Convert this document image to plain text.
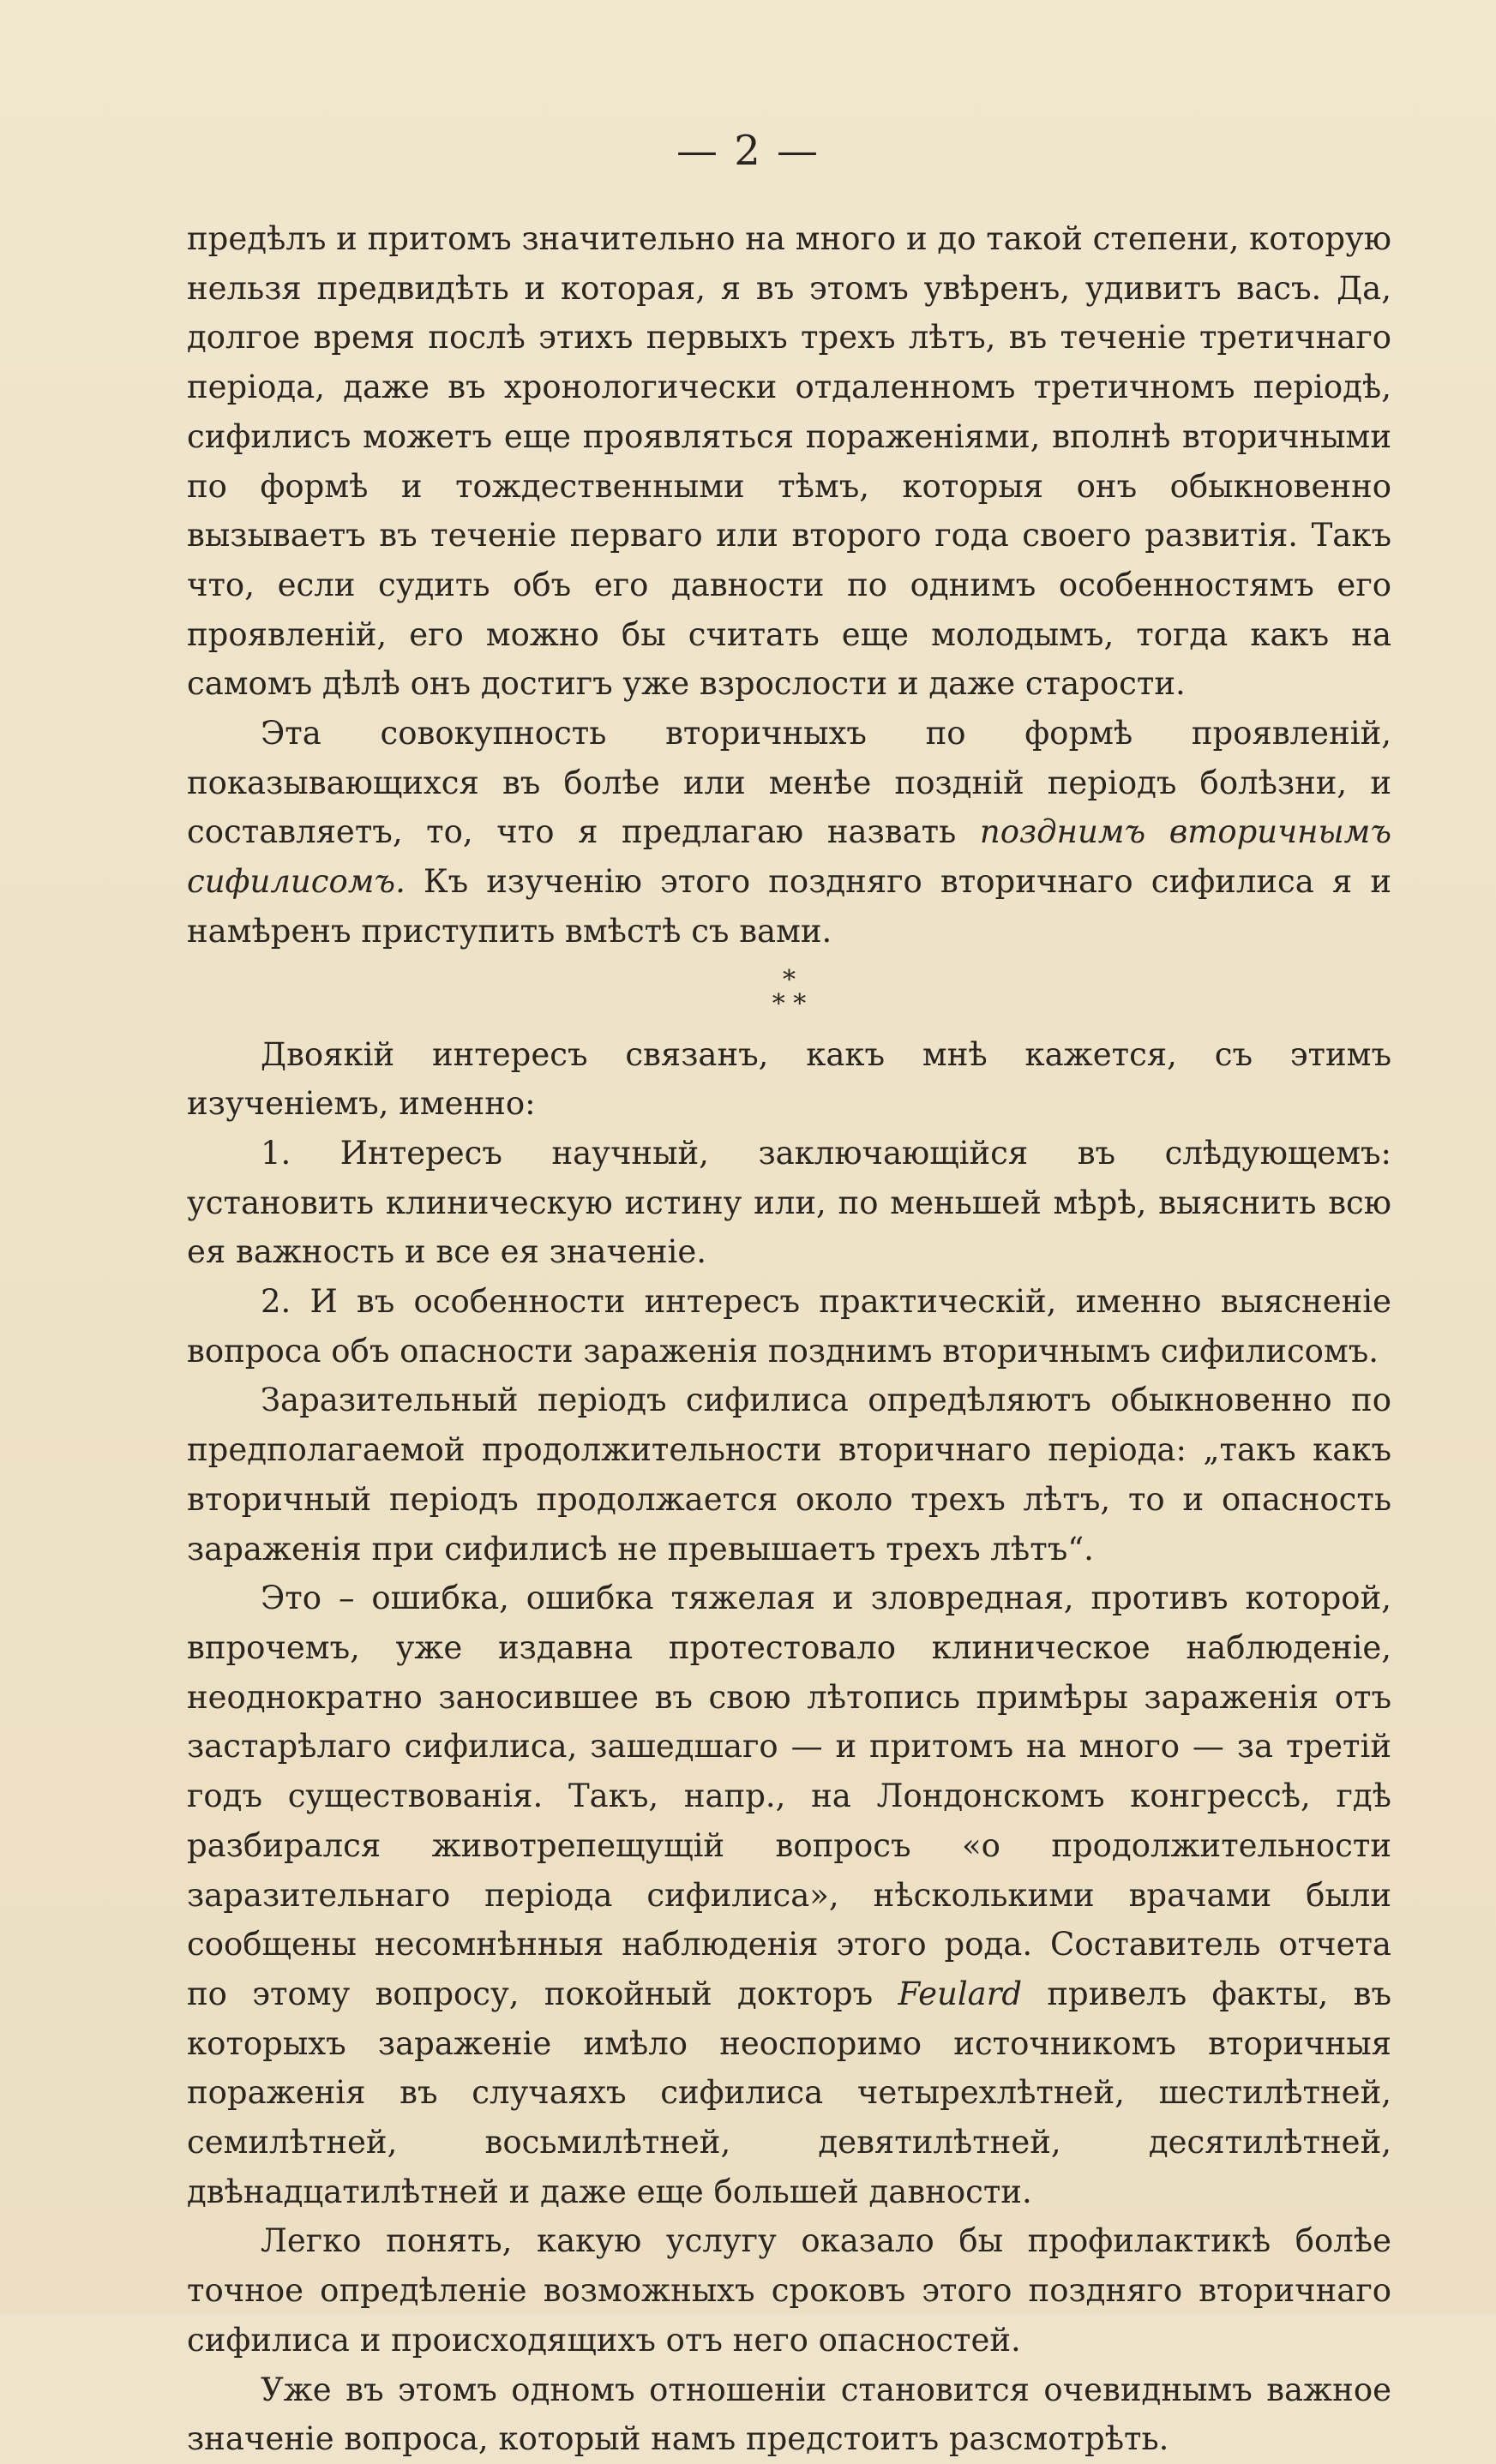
— 2 —

предѣлъ и притомъ значительно на много и до такой степени, которую нельзя предвидѣть и которая, я въ этомъ увѣренъ, удивитъ васъ. Да, долгое время послѣ этихъ первыхъ трехъ лѣтъ, въ теченіе третичнаго періода, даже въ хронологически отдаленномъ третичномъ періодѣ, сифилисъ можетъ еще проявляться пораженіями, вполнѣ вторичными по формѣ и тождественными тѣмъ, которыя онъ обыкновенно вызываетъ въ теченіе перваго или второго года своего развитія. Такъ что, если судить объ его давности по однимъ особенностямъ его проявленій, его можно бы считать еще молодымъ, тогда какъ на самомъ дѣлѣ онъ достигъ уже взрослости и даже старости.

Эта совокупность вторичныхъ по формѣ проявленій, показывающихся въ болѣе или менѣе поздній періодъ болѣзни, и составляетъ, то, что я предлагаю назвать позднимъ вторичнымъ сифилисомъ. Къ изученію этого поздняго вторичнаго сифилиса я и намѣренъ приступить вмѣстѣ съ вами.

*
* *

Двоякій интересъ связанъ, какъ мнѣ кажется, съ этимъ изученіемъ, именно:

1. Интересъ научный, заключающійся въ слѣдующемъ: установить клиническую истину или, по меньшей мѣрѣ, выяснить всю ея важность и все ея значеніе.

2. И въ особенности интересъ практическій, именно выясненіе вопроса объ опасности зараженія позднимъ вторичнымъ сифилисомъ.

Заразительный періодъ сифилиса опредѣляютъ обыкновенно по предполагаемой продолжительности вторичнаго періода: „такъ какъ вторичный періодъ продолжается около трехъ лѣтъ, то и опасность зараженія при сифилисѣ не превышаетъ трехъ лѣтъ“.

Это – ошибка, ошибка тяжелая и зловредная, противъ которой, впрочемъ, уже издавна протестовало клиническое наблюденіе, неоднократно заносившее въ свою лѣтопись примѣры зараженія отъ застарѣлаго сифилиса, зашедшаго — и притомъ на много — за третій годъ существованія. Такъ, напр., на Лондонскомъ конгрессѣ, гдѣ разбирался животрепещущій вопросъ «о продолжительности заразительнаго періода сифилиса», нѣсколькими врачами были сообщены несомнѣнныя наблюденія этого рода. Составитель отчета по этому вопросу, покойный докторъ Feulard привелъ факты, въ которыхъ зараженіе имѣло неоспоримо источникомъ вторичныя пораженія въ случаяхъ сифилиса четырехлѣтней, шестилѣтней, семилѣтней, восьмилѣтней, девятилѣтней, десятилѣтней, двѣнадцатилѣтней и даже еще большей давности.

Легко понять, какую услугу оказало бы профилактикѣ болѣе точное опредѣленіе возможныхъ сроковъ этого поздняго вторичнаго сифилиса и происходящихъ отъ него опасностей.

Уже въ этомъ одномъ отношеніи становится очевиднымъ важное значеніе вопроса, который намъ предстоитъ разсмотрѣть.
